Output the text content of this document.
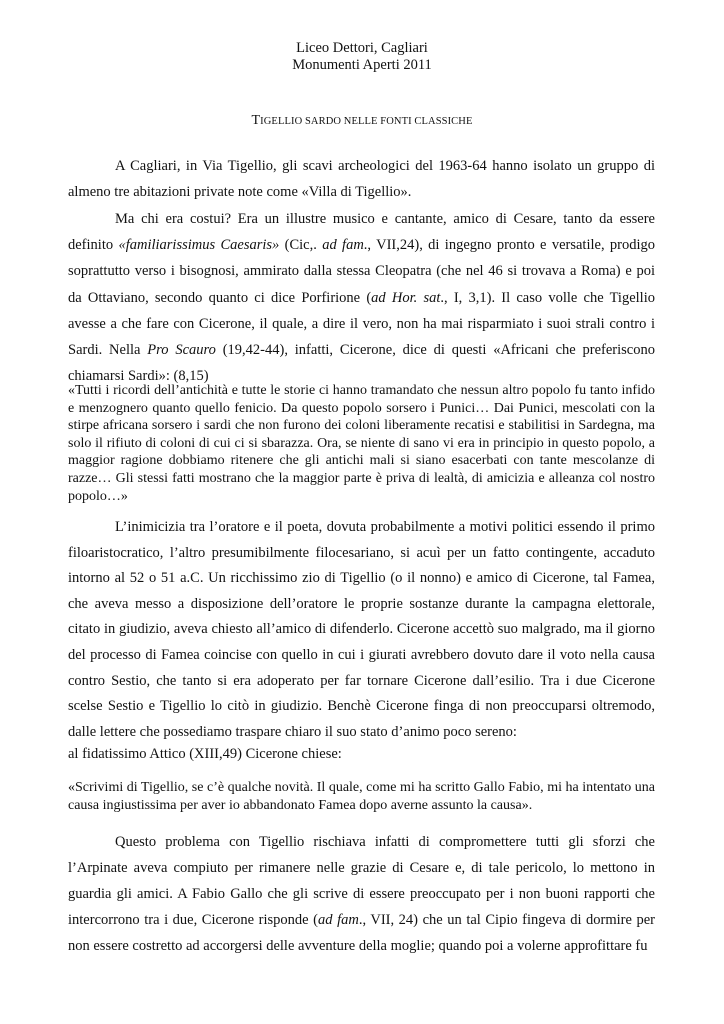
Liceo Dettori, Cagliari
Monumenti Aperti 2011
TIGELLIO SARDO NELLE FONTI CLASSICHE

A Cagliari, in Via Tigellio, gli scavi archeologici del 1963-64 hanno isolato un gruppo di almeno tre abitazioni private note come «Villa di Tigellio».

Ma chi era costui? Era un illustre musico e cantante, amico di Cesare, tanto da essere definito «familiarissimus Caesaris» (Cic,. ad fam., VII,24), di ingegno pronto e versatile, prodigo soprattutto verso i bisognosi, ammirato dalla stessa Cleopatra (che nel 46 si trovava a Roma) e poi da Ottaviano, secondo quanto ci dice Porfirione (ad Hor. sat., I, 3,1). Il caso volle che Tigellio avesse a che fare con Cicerone, il quale, a dire il vero, non ha mai risparmiato i suoi strali contro i Sardi. Nella Pro Scauro (19,42-44), infatti, Cicerone, dice di questi «Africani che preferiscono chiamarsi Sardi»: (8,15)

«Tutti i ricordi dell’antichità e tutte le storie ci hanno tramandato che nessun altro popolo fu tanto infido e menzognero quanto quello fenicio. Da questo popolo sorsero i Punici… Dai Punici, mescolati con la stirpe africana sorsero i sardi che non furono dei coloni liberamente recatisi e stabilitisi in Sardegna, ma solo il rifiuto di coloni di cui ci si sbarazza. Ora, se niente di sano vi era in principio in questo popolo, a maggior ragione dobbiamo ritenere che gli antichi mali si siano esacerbati con tante mescolanze di razze… Gli stessi fatti mostrano che la maggior parte è priva di lealtà, di amicizia e alleanza col nostro popolo…»

L’inimicizia tra l’oratore e il poeta, dovuta probabilmente a motivi politici essendo il primo filoaristocratico, l’altro presumibilmente filocesariano, si acuì per un fatto contingente, accaduto intorno al 52 o 51 a.C. Un ricchissimo zio di Tigellio (o il nonno) e amico di Cicerone, tal Famea, che aveva messo a disposizione dell’oratore le proprie sostanze durante la campagna elettorale, citato in giudizio, aveva chiesto all’amico di difenderlo. Cicerone accettò suo malgrado, ma il giorno del processo di Famea coincise con quello in cui i giurati avrebbero dovuto dare il voto nella causa contro Sestio, che tanto si era adoperato per far tornare Cicerone dall’esilio. Tra i due Cicerone scelse Sestio e Tigellio lo citò in giudizio. Benchè Cicerone finga di non preoccuparsi oltremodo, dalle lettere che possediamo traspare chiaro il suo stato d’animo poco sereno:

al fidatissimo Attico (XIII,49) Cicerone chiese:

«Scrivimi di Tigellio, se c’è qualche novità. Il quale, come mi ha scritto Gallo Fabio, mi ha intentato una causa ingiustissima per aver io abbandonato Famea dopo averne assunto la causa».

Questo problema con Tigellio rischiava infatti di compromettere tutti gli sforzi che l’Arpinate aveva compiuto per rimanere nelle grazie di Cesare e, di tale pericolo, lo mettono in guardia gli amici. A Fabio Gallo che gli scrive di essere preoccupato per i non buoni rapporti che intercorrono tra i due, Cicerone risponde (ad fam., VII, 24) che un tal Cipio fingeva di dormire per non essere costretto ad accorgersi delle avventure della moglie; quando poi a volerne approfittare fu
